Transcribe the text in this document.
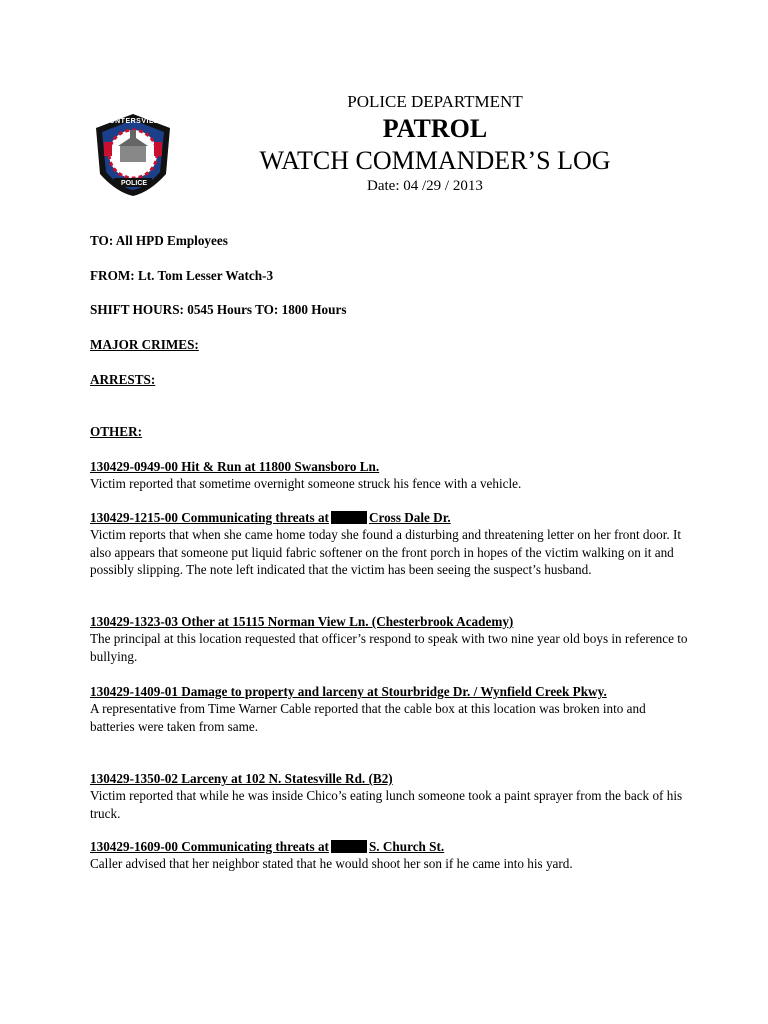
HUNTERSVILLE
POLICE
POLICE DEPARTMENT
PATROL
WATCH COMMANDER’S LOG
Date: 04 /29 / 2013
TO: All HPD Employees
FROM: Lt. Tom Lesser Watch-3
SHIFT HOURS: 0545 Hours TO: 1800 Hours
MAJOR CRIMES:
ARRESTS:
OTHER:
130429-0949-00 Hit & Run at 11800 Swansboro Ln.
Victim reported that sometime overnight someone struck his fence with a vehicle.
130429-1215-00 Communicating threats at	Cross Dale Dr.
Victim reports that when she came home today she found a disturbing and threatening letter on her front door. It also appears that someone put liquid fabric softener on the front porch in hopes of the victim walking on it and possibly slipping. The note left indicated that the victim has been seeing the suspect’s husband.
130429-1323-03 Other at 15115 Norman View Ln. (Chesterbrook Academy)
The principal at this location requested that officer’s respond to speak with two nine year old boys in reference to bullying.
130429-1409-01 Damage to property and larceny at Stourbridge Dr. / Wynfield Creek Pkwy.
A representative from Time Warner Cable reported that the cable box at this location was broken into and batteries were taken from same.
130429-1350-02 Larceny at 102 N. Statesville Rd. (B2)
Victim reported that while he was inside Chico’s eating lunch someone took a paint sprayer from the back of his truck.
130429-1609-00 Communicating threats at	S. Church St.
Caller advised that her neighbor stated that he would shoot her son if he came into his yard.
